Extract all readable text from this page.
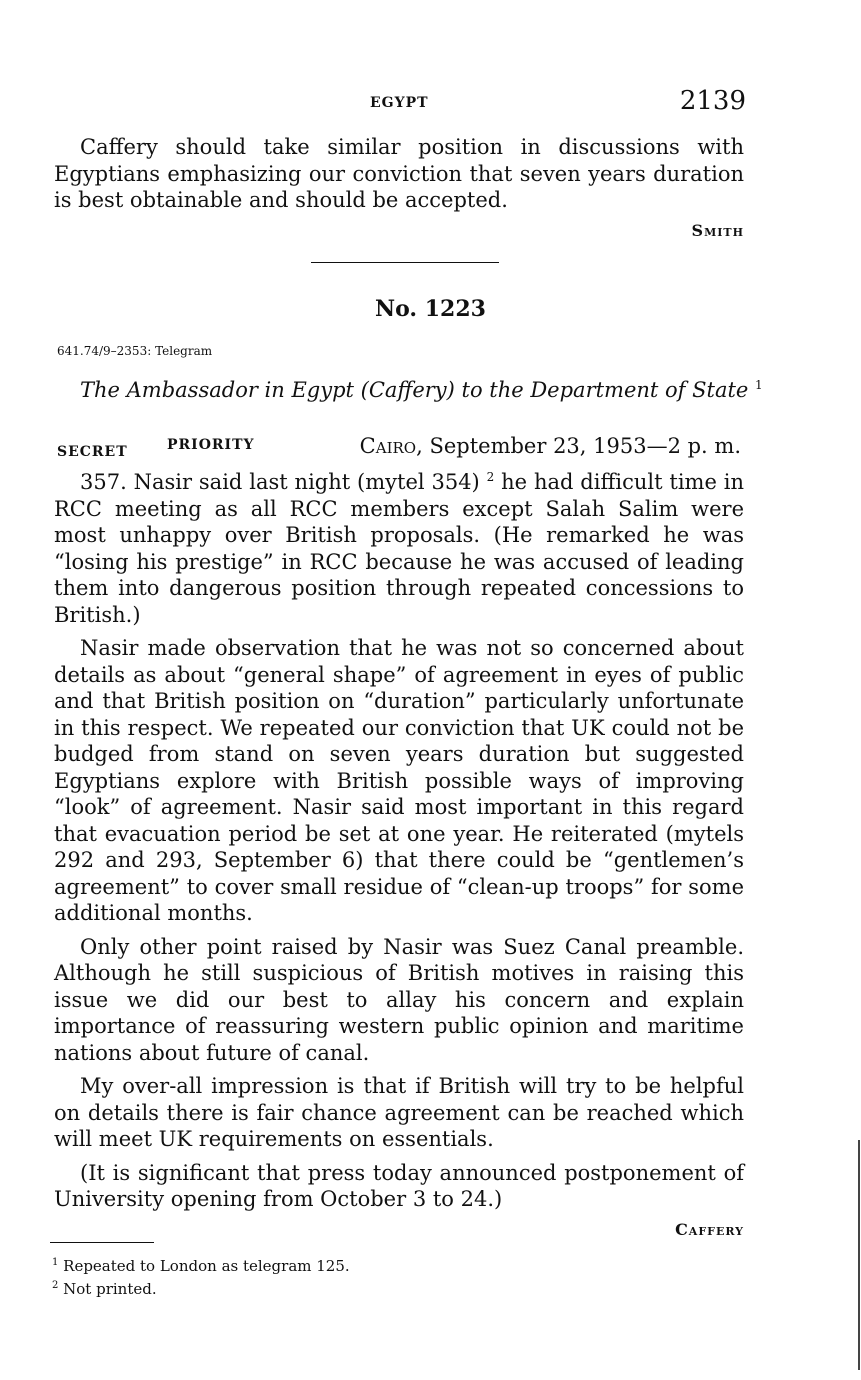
EGYPT	2139

Caffery should take similar position in discussions with Egyptians emphasizing our conviction that seven years duration is best obtainable and should be accepted.

Smith
No. 1223
641.74/9–2353: Telegram
The Ambassador in Egypt (Caffery) to the Department of State $^1$
SECRET	PRIORITY	Cairo, September 23, 1953—2 p. m.

357. Nasir said last night (mytel 354) $^2$ he had difficult time in RCC meeting as all RCC members except Salah Salim were most unhappy over British proposals. (He remarked he was “losing his prestige” in RCC because he was accused of leading them into dangerous position through repeated concessions to British.)

Nasir made observation that he was not so concerned about details as about “general shape” of agreement in eyes of public and that British position on “duration” particularly unfortunate in this respect. We repeated our conviction that UK could not be budged from stand on seven years duration but suggested Egyptians explore with British possible ways of improving “look” of agreement. Nasir said most important in this regard that evacuation period be set at one year. He reiterated (mytels 292 and 293, September 6) that there could be “gentlemen’s agreement” to cover small residue of “clean-up troops” for some additional months.

Only other point raised by Nasir was Suez Canal preamble. Although he still suspicious of British motives in raising this issue we did our best to allay his concern and explain importance of reassuring western public opinion and maritime nations about future of canal.

My over-all impression is that if British will try to be helpful on details there is fair chance agreement can be reached which will meet UK requirements on essentials.

(It is significant that press today announced postponement of University opening from October 3 to 24.)

Caffery
$^1$ Repeated to London as telegram 125.
$^2$ Not printed.
